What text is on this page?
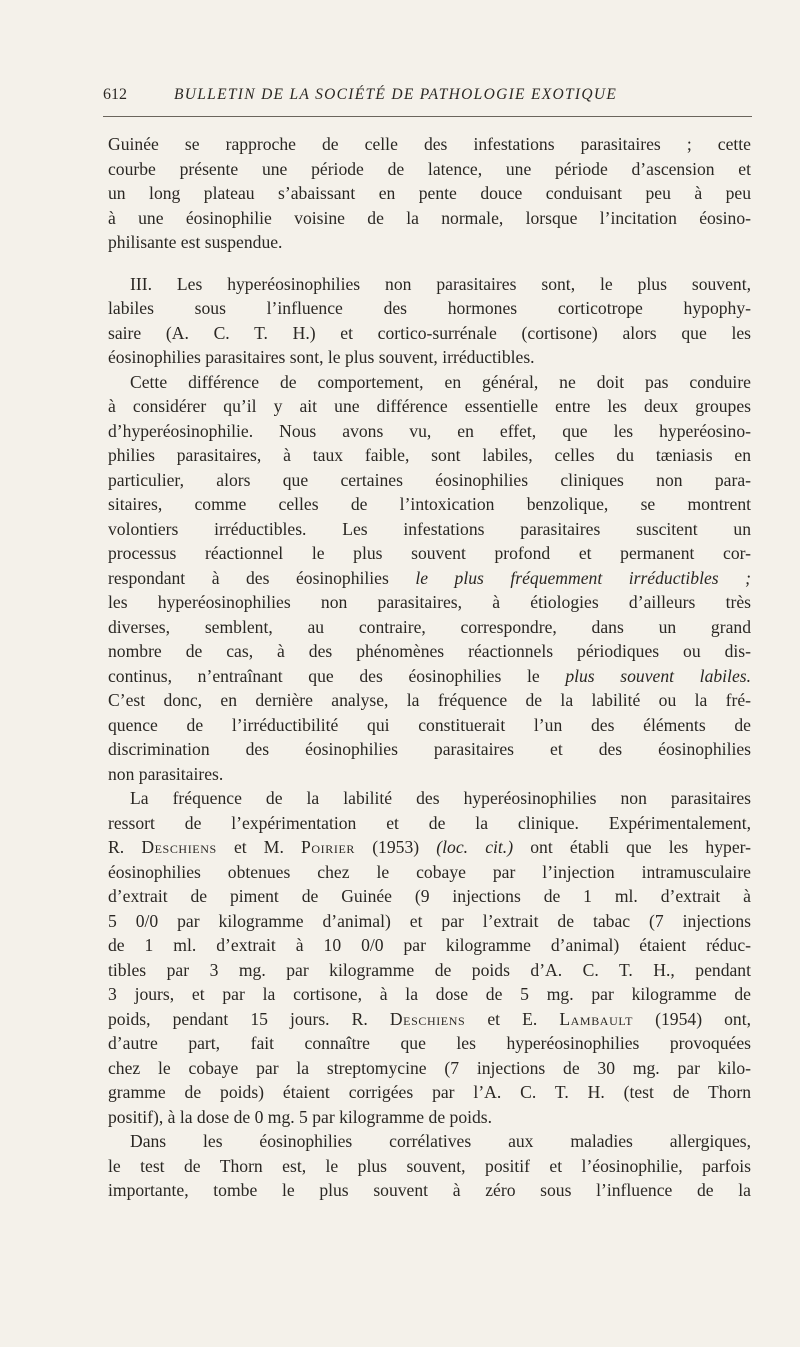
612	BULLETIN DE LA SOCIÉTÉ DE PATHOLOGIE EXOTIQUE
Guinée se rapproche de celle des infestations parasitaires ; cette
courbe présente une période de latence, une période d’ascension et
un long plateau s’abaissant en pente douce conduisant peu à peu
à une éosinophilie voisine de la normale, lorsque l’incitation éosino-
philisante est suspendue.
III. Les hyperéosinophilies non parasitaires sont, le plus souvent,
labiles sous l’influence des hormones corticotrope hypophy-
saire (A. C. T. H.) et cortico-surrénale (cortisone) alors que les
éosinophilies parasitaires sont, le plus souvent, irréductibles.
Cette différence de comportement, en général, ne doit pas conduire
à considérer qu’il y ait une différence essentielle entre les deux groupes
d’hyperéosinophilie. Nous avons vu, en effet, que les hyperéosino-
philies parasitaires, à taux faible, sont labiles, celles du tæniasis en
particulier, alors que certaines éosinophilies cliniques non para-
sitaires, comme celles de l’intoxication benzolique, se montrent
volontiers irréductibles. Les infestations parasitaires suscitent un
processus réactionnel le plus souvent profond et permanent cor-
respondant à des éosinophilies le plus fréquemment irréductibles ;
les hyperéosinophilies non parasitaires, à étiologies d’ailleurs très
diverses, semblent, au contraire, correspondre, dans un grand
nombre de cas, à des phénomènes réactionnels périodiques ou dis-
continus, n’entraînant que des éosinophilies le plus souvent labiles.
C’est donc, en dernière analyse, la fréquence de la labilité ou la fré-
quence de l’irréductibilité qui constituerait l’un des éléments de
discrimination des éosinophilies parasitaires et des éosinophilies
non parasitaires.
La fréquence de la labilité des hyperéosinophilies non parasitaires
ressort de l’expérimentation et de la clinique. Expérimentalement,
R. Deschiens et M. Poirier (1953) (loc. cit.) ont établi que les hyper-
éosinophilies obtenues chez le cobaye par l’injection intramusculaire
d’extrait de piment de Guinée (9 injections de 1 ml. d’extrait à
5 0/0 par kilogramme d’animal) et par l’extrait de tabac (7 injections
de 1 ml. d’extrait à 10 0/0 par kilogramme d’animal) étaient réduc-
tibles par 3 mg. par kilogramme de poids d’A. C. T. H., pendant
3 jours, et par la cortisone, à la dose de 5 mg. par kilogramme de
poids, pendant 15 jours. R. Deschiens et E. Lambault (1954) ont,
d’autre part, fait connaître que les hyperéosinophilies provoquées
chez le cobaye par la streptomycine (7 injections de 30 mg. par kilo-
gramme de poids) étaient corrigées par l’A. C. T. H. (test de Thorn
positif), à la dose de 0 mg. 5 par kilogramme de poids.
Dans les éosinophilies corrélatives aux maladies allergiques,
le test de Thorn est, le plus souvent, positif et l’éosinophilie, parfois
importante, tombe le plus souvent à zéro sous l’influence de la
